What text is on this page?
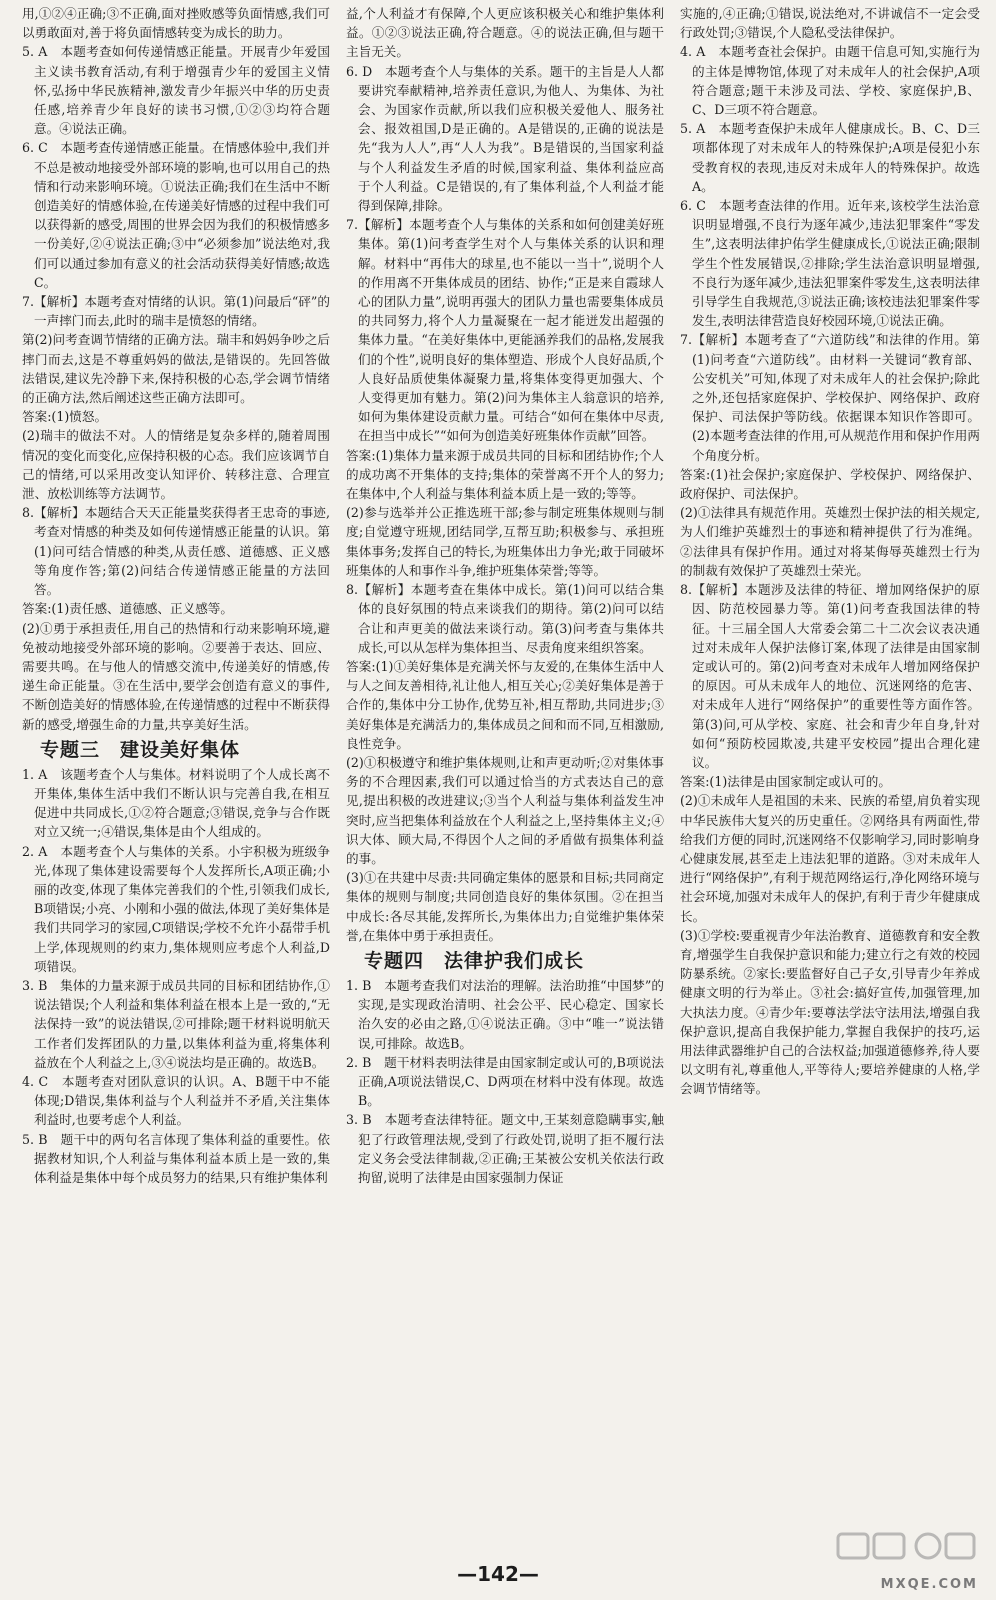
用,①②④正确;③不正确,面对挫败感等负面情感,我们可以勇敢面对,善于将负面情感转变为成长的助力。

5. A　本题考查如何传递情感正能量。开展青少年爱国主义读书教育活动,有利于增强青少年的爱国主义情怀,弘扬中华民族精神,激发青少年振兴中华的历史责任感,培养青少年良好的读书习惯,①②③均符合题意。④说法正确。

6. C　本题考查传递情感正能量。在情感体验中,我们并不总是被动地接受外部环境的影响,也可以用自己的热情和行动来影响环境。①说法正确;我们在生活中不断创造美好的情感体验,在传递美好情感的过程中我们可以获得新的感受,周围的世界会因为我们的积极情感多一份美好,②④说法正确;③中“必须参加”说法绝对,我们可以通过参加有意义的社会活动获得美好情感;故选C。

7.【解析】本题考查对情绪的认识。第(1)问最后“砰”的一声摔门而去,此时的瑞丰是愤怒的情绪。

第(2)问考查调节情绪的正确方法。瑞丰和妈妈争吵之后摔门而去,这是不尊重妈妈的做法,是错误的。先回答做法错误,建议先冷静下来,保持积极的心态,学会调节情绪的正确方法,然后阐述这些正确方法即可。

答案:(1)愤怒。

(2)瑞丰的做法不对。人的情绪是复杂多样的,随着周围情况的变化而变化,应保持积极的心态。我们应该调节自己的情绪,可以采用改变认知评价、转移注意、合理宣泄、放松训练等方法调节。

8.【解析】本题结合天天正能量奖获得者王忠奇的事迹,考查对情感的种类及如何传递情感正能量的认识。第(1)问可结合情感的种类,从责任感、道德感、正义感等角度作答;第(2)问结合传递情感正能量的方法回答。

答案:(1)责任感、道德感、正义感等。

(2)①勇于承担责任,用自己的热情和行动来影响环境,避免被动地接受外部环境的影响。②要善于表达、回应、需要共鸣。在与他人的情感交流中,传递美好的情感,传递生命正能量。③在生活中,要学会创造有意义的事件,不断创造美好的情感体验,在传递情感的过程中不断获得新的感受,增强生命的力量,共享美好生活。

专题三　建设美好集体

1. A　该题考查个人与集体。材料说明了个人成长离不开集体,集体生活中我们不断认识与完善自我,在相互促进中共同成长,①②符合题意;③错误,竞争与合作既对立又统一;④错误,集体是由个人组成的。

2. A　本题考查个人与集体的关系。小宇积极为班级争光,体现了集体建设需要每个人发挥所长,A项正确;小丽的改变,体现了集体完善我们的个性,引领我们成长,B项错误;小亮、小刚和小强的做法,体现了美好集体是我们共同学习的家园,C项错误;学校不允许小磊带手机上学,体现规则的约束力,集体规则应考虑个人利益,D项错误。

3. B　集体的力量来源于成员共同的目标和团结协作,①说法错误;个人利益和集体利益在根本上是一致的,“无法保持一致”的说法错误,②可排除;题干材料说明航天工作者们发挥团队的力量,以集体利益为重,将集体利益放在个人利益之上,③④说法均是正确的。故选B。

4. C　本题考查对团队意识的认识。A、B题干中不能体现;D错误,集体利益与个人利益并不矛盾,关注集体利益时,也要考虑个人利益。

5. B　题干中的两句名言体现了集体利益的重要性。依据教材知识,个人利益与集体利益本质上是一致的,集体利益是集体中每个成员努力的结果,只有维护集体利

益,个人利益才有保障,个人更应该积极关心和维护集体利益。①②③说法正确,符合题意。④的说法正确,但与题干主旨无关。

6. D　本题考查个人与集体的关系。题干的主旨是人人都要讲究奉献精神,培养责任意识,为他人、为集体、为社会、为国家作贡献,所以我们应积极关爱他人、服务社会、报效祖国,D是正确的。A是错误的,正确的说法是先“我为人人”,再“人人为我”。B是错误的,当国家利益与个人利益发生矛盾的时候,国家利益、集体利益应高于个人利益。C是错误的,有了集体利益,个人利益才能得到保障,排除。

7.【解析】本题考查个人与集体的关系和如何创建美好班集体。第(1)问考查学生对个人与集体关系的认识和理解。材料中“再伟大的球星,也不能以一当十”,说明个人的作用离不开集体成员的团结、协作;“正是来自霞球人心的团队力量”,说明再强大的团队力量也需要集体成员的共同努力,将个人力量凝聚在一起才能迸发出超强的集体力量。“在美好集体中,更能涵养我们的品格,发展我们的个性”,说明良好的集体塑造、形成个人良好品质,个人良好品质使集体凝聚力量,将集体变得更加强大、个人变得更加有魅力。第(2)问为集体主人翁意识的培养,如何为集体建设贡献力量。可结合“如何在集体中尽责,在担当中成长”“如何为创造美好班集体作贡献”回答。

答案:(1)集体力量来源于成员共同的目标和团结协作;个人的成功离不开集体的支持;集体的荣誉离不开个人的努力;在集体中,个人利益与集体利益本质上是一致的;等等。

(2)参与选举并公正推选班干部;参与制定班集体规则与制度;自觉遵守班规,团结同学,互帮互助;积极参与、承担班集体事务;发挥自己的特长,为班集体出力争光;敢于同破坏班集体的人和事作斗争,维护班集体荣誉;等等。

8.【解析】本题考查在集体中成长。第(1)问可以结合集体的良好氛围的特点来谈我们的期待。第(2)问可以结合让和声更美的做法来谈行动。第(3)问考查与集体共成长,可以从怎样为集体担当、尽责角度来组织答案。

答案:(1)①美好集体是充满关怀与友爱的,在集体生活中人与人之间友善相待,礼让他人,相互关心;②美好集体是善于合作的,集体中分工协作,优势互补,相互帮助,共同进步;③美好集体是充满活力的,集体成员之间和而不同,互相激励,良性竞争。

(2)①积极遵守和维护集体规则,让和声更动听;②对集体事务的不合理因素,我们可以通过恰当的方式表达自己的意见,提出积极的改进建议;③当个人利益与集体利益发生冲突时,应当把集体利益放在个人利益之上,坚持集体主义;④识大体、顾大局,不得因个人之间的矛盾做有损集体利益的事。

(3)①在共建中尽责:共同确定集体的愿景和目标;共同商定集体的规则与制度;共同创造良好的集体氛围。②在担当中成长:各尽其能,发挥所长,为集体出力;自觉维护集体荣誉,在集体中勇于承担责任。

专题四　法律护我们成长

1. B　本题考查我们对法治的理解。法治助推“中国梦”的实现,是实现政治清明、社会公平、民心稳定、国家长治久安的必由之路,①④说法正确。③中“唯一”说法错误,可排除。故选B。

2. B　题干材料表明法律是由国家制定或认可的,B项说法正确,A项说法错误,C、D两项在材料中没有体现。故选B。

3. B　本题考查法律特征。题文中,王某刻意隐瞒事实,触犯了行政管理法规,受到了行政处罚,说明了拒不履行法定义务会受法律制裁,②正确;王某被公安机关依法行政拘留,说明了法律是由国家强制力保证

实施的,④正确;①错误,说法绝对,不讲诚信不一定会受行政处罚;③错误,个人隐私受法律保护。

4. A　本题考查社会保护。由题干信息可知,实施行为的主体是博物馆,体现了对未成年人的社会保护,A项符合题意;题干未涉及司法、学校、家庭保护,B、C、D三项不符合题意。

5. A　本题考查保护未成年人健康成长。B、C、D三项都体现了对未成年人的特殊保护;A项是侵犯小东受教育权的表现,违反对未成年人的特殊保护。故选A。

6. C　本题考查法律的作用。近年来,该校学生法治意识明显增强,不良行为逐年减少,违法犯罪案件“零发生”,这表明法律护佑学生健康成长,①说法正确;限制学生个性发展错误,②排除;学生法治意识明显增强,不良行为逐年减少,违法犯罪案件零发生,这表明法律引导学生自我规范,③说法正确;该校违法犯罪案件零发生,表明法律营造良好校园环境,①说法正确。

7.【解析】本题考查了“六道防线”和法律的作用。第(1)问考查“六道防线”。由材料一关键词“教育部、公安机关”可知,体现了对未成年人的社会保护;除此之外,还包括家庭保护、学校保护、网络保护、政府保护、司法保护等防线。依据课本知识作答即可。(2)本题考查法律的作用,可从规范作用和保护作用两个角度分析。

答案:(1)社会保护;家庭保护、学校保护、网络保护、政府保护、司法保护。

(2)①法律具有规范作用。英雄烈士保护法的相关规定,为人们维护英雄烈士的事迹和精神提供了行为准绳。②法律具有保护作用。通过对将某侮辱英雄烈士行为的制裁有效保护了英雄烈士荣光。

8.【解析】本题涉及法律的特征、增加网络保护的原因、防范校园暴力等。第(1)问考查我国法律的特征。十三届全国人大常委会第二十二次会议表决通过对未成年人保护法修订案,体现了法律是由国家制定或认可的。第(2)问考查对未成年人增加网络保护的原因。可从未成年人的地位、沉迷网络的危害、对未成年人进行“网络保护”的重要性等方面作答。第(3)问,可从学校、家庭、社会和青少年自身,针对如何“预防校园欺凌,共建平安校园”提出合理化建议。

答案:(1)法律是由国家制定或认可的。

(2)①未成年人是祖国的未来、民族的希望,肩负着实现中华民族伟大复兴的历史重任。②网络具有两面性,带给我们方便的同时,沉迷网络不仅影响学习,同时影响身心健康发展,甚至走上违法犯罪的道路。③对未成年人进行“网络保护”,有利于规范网络运行,净化网络环境与社会环境,加强对未成年人的保护,有利于青少年健康成长。

(3)①学校:要重视青少年法治教育、道德教育和安全教育,增强学生自我保护意识和能力;建立行之有效的校园防暴系统。②家长:要监督好自己子女,引导青少年养成健康文明的行为举止。③社会:搞好宣传,加强管理,加大执法力度。④青少年:要尊法学法守法用法,增强自我保护意识,提高自我保护能力,掌握自我保护的技巧,运用法律武器维护自己的合法权益;加强道德修养,待人要以文明有礼,尊重他人,平等待人;要培养健康的人格,学会调节情绪等。

—142—	MXQE.COM
